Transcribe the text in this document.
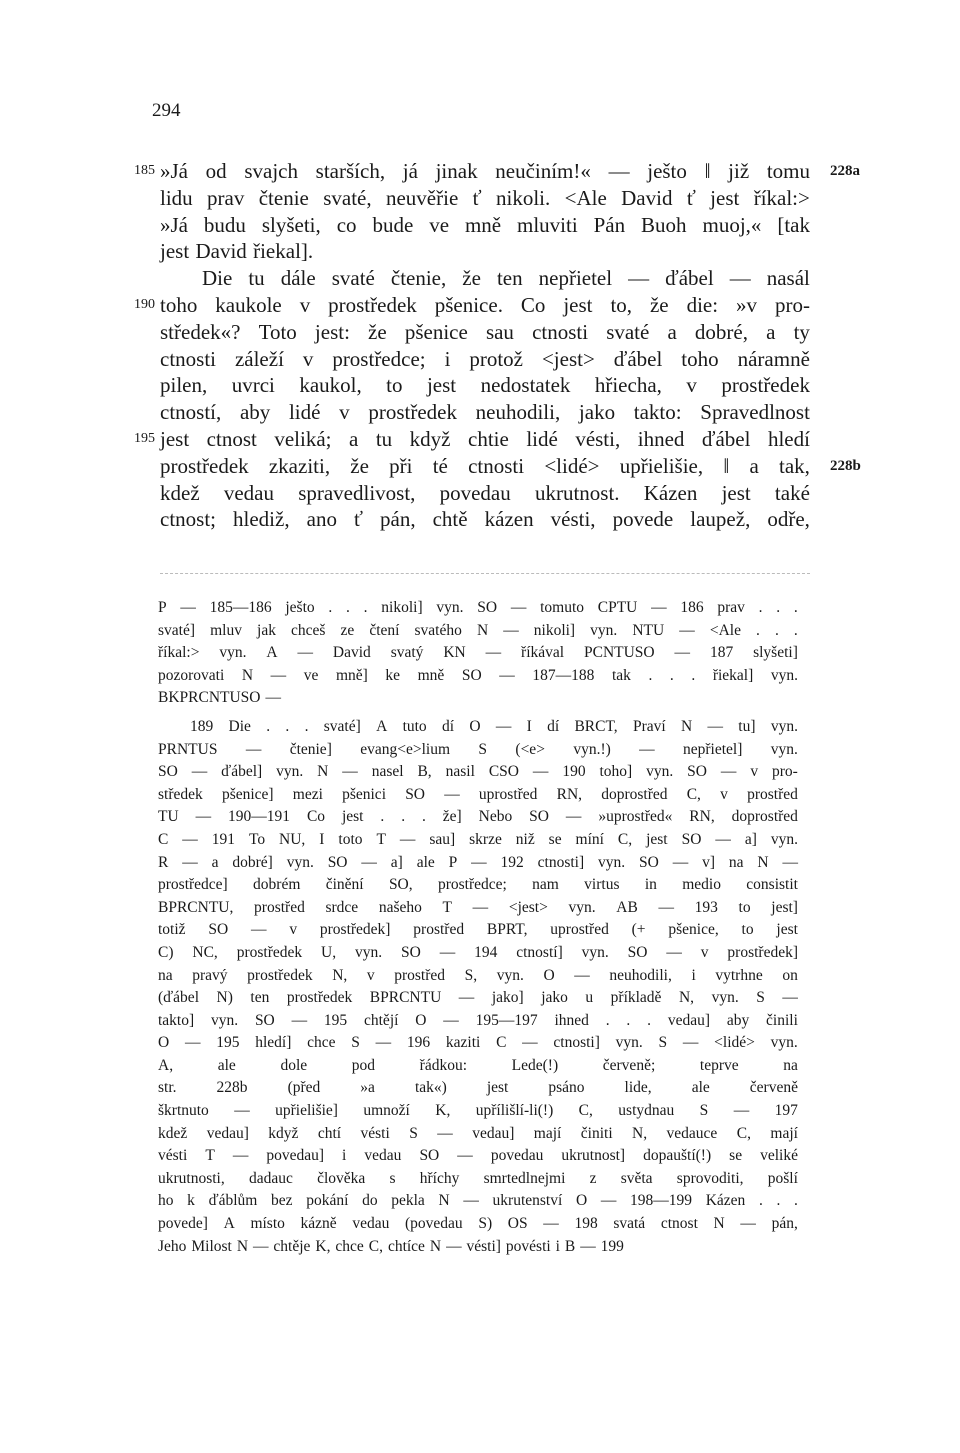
294
185 »Já od svajch starších, já jinak neučiním!« — ješto ‖ již tomu 228a
lidu prav čtenie svaté, neuvěřie ť nikoli. <Ale David ť jest říkal:>
»Já budu slyšeti, co bude ve mně mluviti Pán Buoh muoj,« [tak
jest David řiekal].
Die tu dále svaté čtenie, že ten nepřietel — ďábel — nasál
190 toho kaukole v prostředek pšenice. Co jest to, že die: »v pro-
středek«? Toto jest: že pšenice sau ctnosti svaté a dobré, a ty
ctnosti záleží v prostředce; i protož <jest> ďábel toho náramně
pilen, uvrci kaukol, to jest nedostatek hřiecha, v prostředek
ctností, aby lidé v prostředek neuhodili, jako takto: Spravedlnost
195 jest ctnost veliká; a tu když chtie lidé vésti, ihned ďábel hledí
prostředek zkaziti, že při té ctnosti <lidé> upřielišie, ‖ a tak, 228b
kdež vedau spravedlivost, povedau ukrutnost. Kázen jest také
ctnost; hlediž, ano ť pán, chtě kázen vésti, povede laupež, odře,
P — 185—186 ješto . . . nikoli] vyn. SO — tomuto CPTU — 186 prav . . .
svaté] mluv jak chceš ze čtení svatého N — nikoli] vyn. NTU — <Ale . . .
říkal:> vyn. A — David svatý KN — říkával PCNTUSO — 187 slyšeti]
pozorovati N — ve mně] ke mně SO — 187—188 tak . . . řiekal] vyn.
BKPRCNTUSO —
189 Die . . . svaté] A tuto dí O — I dí BRCT, Praví N — tu] vyn.
PRNTUS — čtenie] evang<e>lium S (<e> vyn.!) — nepřietel] vyn.
SO — ďábel] vyn. N — nasel B, nasil CSO — 190 toho] vyn. SO — v pro-
středek pšenice] mezi pšenici SO — uprostřed RN, doprostřed C, v prostřed
TU — 190—191 Co jest . . . že] Nebo SO — »uprostřed« RN, doprostřed
C — 191 To NU, I toto T — sau] skrze niž se míní C, jest SO — a] vyn.
R — a dobré] vyn. SO — a] ale P — 192 ctnosti] vyn. SO — v] na N —
prostředce] dobrém činění SO, prostředce; nam virtus in medio consistit
BPRCNTU, prostřed srdce našeho T — <jest> vyn. AB — 193 to jest]
totiž SO — v prostředek] prostřed BPRT, uprostřed (+ pšenice, to jest
C) NC, prostředek U, vyn. SO — 194 ctností] vyn. SO — v prostředek]
na pravý prostředek N, v prostřed S, vyn. O — neuhodili, i vytrhne on
(ďábel N) ten prostředek BPRCNTU — jako] jako u příkladě N, vyn. S —
takto] vyn. SO — 195 chtějí O — 195—197 ihned . . . vedau] aby činili
O — 195 hledí] chce S — 196 kaziti C — ctnosti] vyn. S — <lidé> vyn.
A,	ale	dole	pod	řádkou:	Lede(!)	červeně;	teprve	na
str.	228b	(před	»a	tak«)	jest	psáno	lide,	ale	červeně
škrtnuto — upřielišie] umnoží K, upřílišlí-li(!) C, ustydnau S — 197
kdež vedau] když chtí vésti S — vedau] mají činiti N, vedauce C, mají
vésti T — povedau] i vedau SO — povedau ukrutnost] dopauští(!) se veliké
ukrutnosti, dadauc člověka s hříchy smrtedlnejmi z světa sprovoditi, pošlí
ho k ďáblům bez pokání do pekla N — ukrutenství O — 198—199 Kázen . . .
povede] A místo kázně vedau (povedau S) OS — 198 svatá ctnost N — pán,
Jeho Milost N — chtěje K, chce C, chtíce N — vésti] povésti i B — 199
